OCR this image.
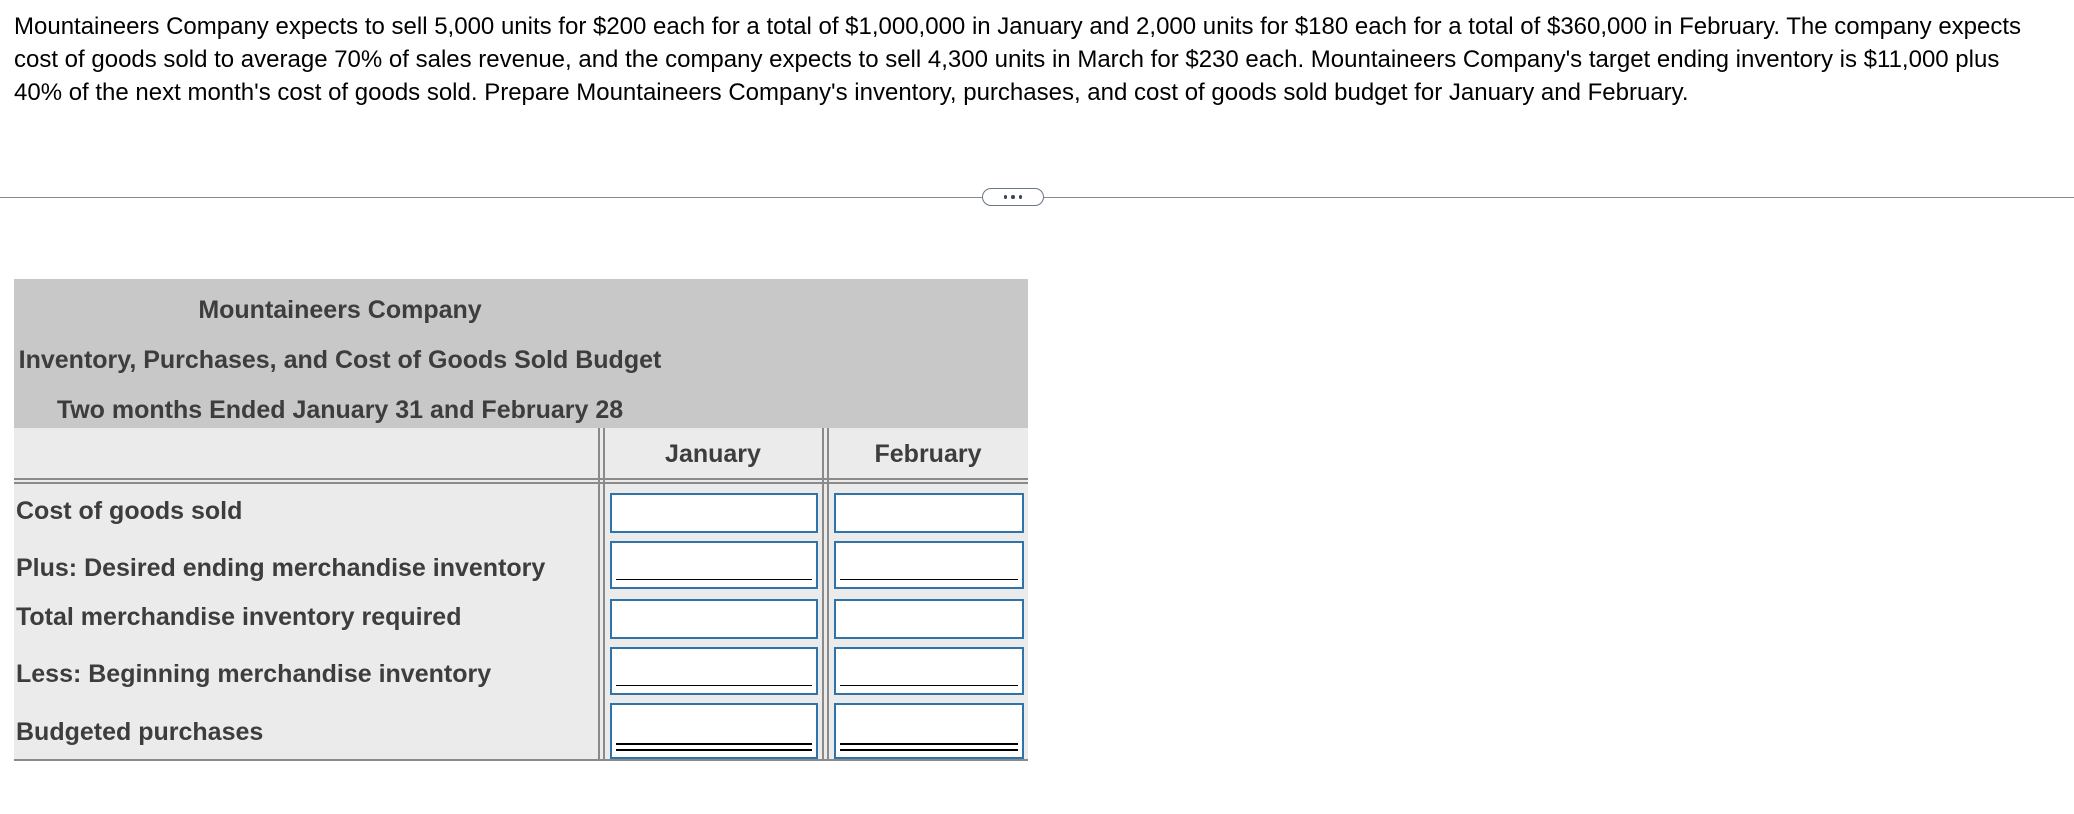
Mountaineers Company expects to sell 5,000 units for $200 each for a total of $1,000,000 in January and 2,000 units for $180 each for a total of $360,000 in February. The company expects cost of goods sold to average 70% of sales revenue, and the company expects to sell 4,300 units in March for $230 each. Mountaineers Company's target ending inventory is $11,000 plus 40% of the next month's cost of goods sold. Prepare Mountaineers Company's inventory, purchases, and cost of goods sold budget for January and February.

Mountaineers Company
Inventory, Purchases, and Cost of Goods Sold Budget
Two months Ended January 31 and February 28
January	February
Cost of goods sold
Plus: Desired ending merchandise inventory
Total merchandise inventory required
Less: Beginning merchandise inventory
Budgeted purchases
